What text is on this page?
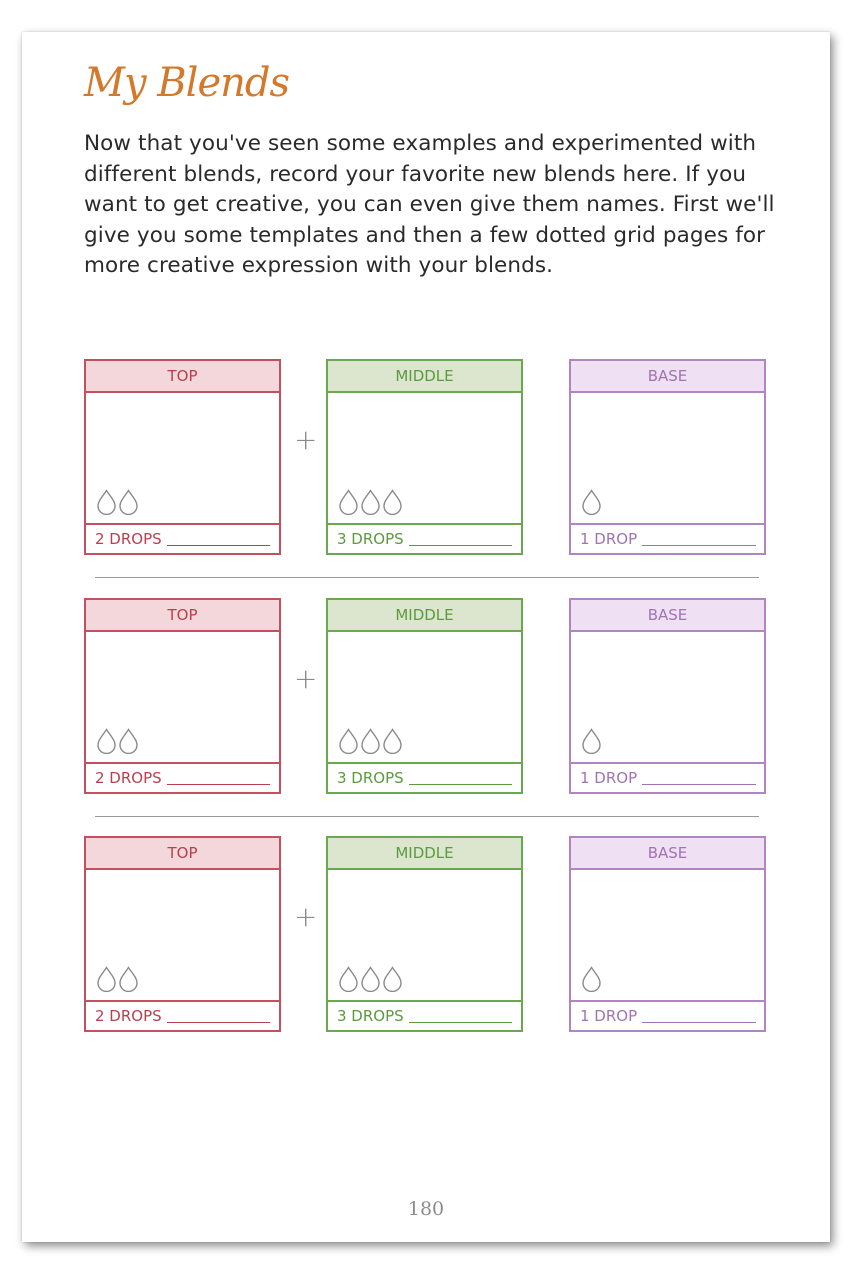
My Blends

Now that you've seen some examples and experimented with different blends, record your favorite new blends here. If you want to get creative, you can even give them names. First we'll give you some templates and then a few dotted grid pages for more creative expression with your blends.

TOP
2 DROPS
+
MIDDLE
3 DROPS
BASE
1 DROP
TOP
2 DROPS
+
MIDDLE
3 DROPS
BASE
1 DROP
TOP
2 DROPS
+
MIDDLE
3 DROPS
BASE
1 DROP
180
